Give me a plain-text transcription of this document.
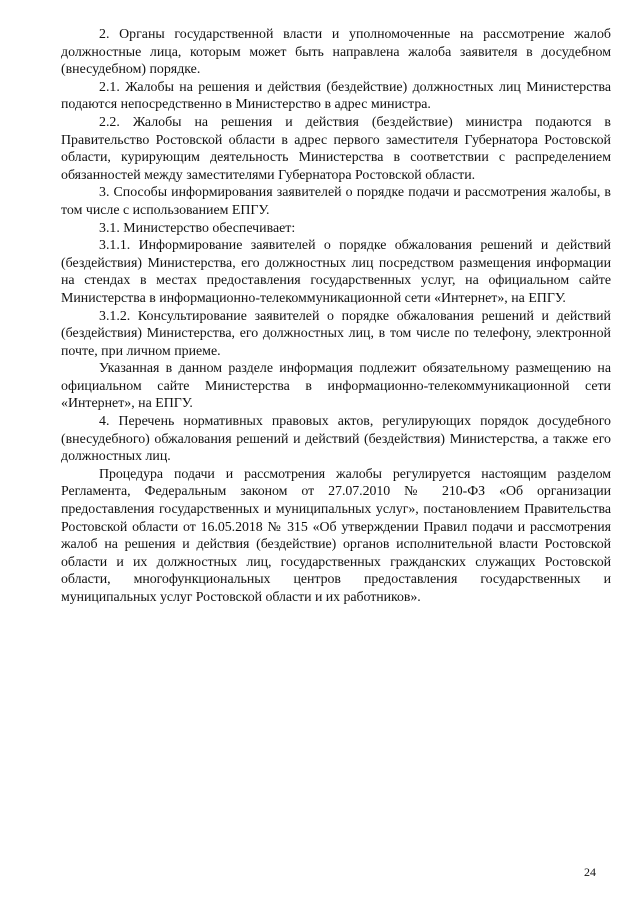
2. Органы государственной власти и уполномоченные на рассмотрение жалоб должностные лица, которым может быть направлена жалоба заявителя в досудебном (внесудебном) порядке.

2.1. Жалобы на решения и действия (бездействие) должностных лиц Министерства подаются непосредственно в Министерство в адрес министра.

2.2. Жалобы на решения и действия (бездействие) министра подаются в Правительство Ростовской области в адрес первого заместителя Губернатора Ростовской области, курирующим деятельность Министерства в соответствии с распределением обязанностей между заместителями Губернатора Ростовской области.

3. Способы информирования заявителей о порядке подачи и рассмотрения жалобы, в том числе с использованием ЕПГУ.

3.1. Министерство обеспечивает:

3.1.1. Информирование заявителей о порядке обжалования решений и действий (бездействия) Министерства, его должностных лиц посредством размещения информации на стендах в местах предоставления государственных услуг, на официальном сайте Министерства в информационно-телекоммуникационной сети «Интернет», на ЕПГУ.

3.1.2. Консультирование заявителей о порядке обжалования решений и действий (бездействия) Министерства, его должностных лиц, в том числе по телефону, электронной почте, при личном приеме.

Указанная в данном разделе информация подлежит обязательному размещению на официальном сайте Министерства в информационно-телекоммуникационной сети «Интернет», на ЕПГУ.

4. Перечень нормативных правовых актов, регулирующих порядок досудебного (внесудебного) обжалования решений и действий (бездействия) Министерства, а также его должностных лиц.

Процедура подачи и рассмотрения жалобы регулируется настоящим разделом Регламента, Федеральным законом от 27.07.2010 № 210-ФЗ «Об организации предоставления государственных и муниципальных услуг», постановлением Правительства Ростовской области от 16.05.2018 № 315 «Об утверждении Правил подачи и рассмотрения жалоб на решения и действия (бездействие) органов исполнительной власти Ростовской области и их должностных лиц, государственных гражданских служащих Ростовской области, многофункциональных центров предоставления государственных и муниципальных услуг Ростовской области и их работников».

24
